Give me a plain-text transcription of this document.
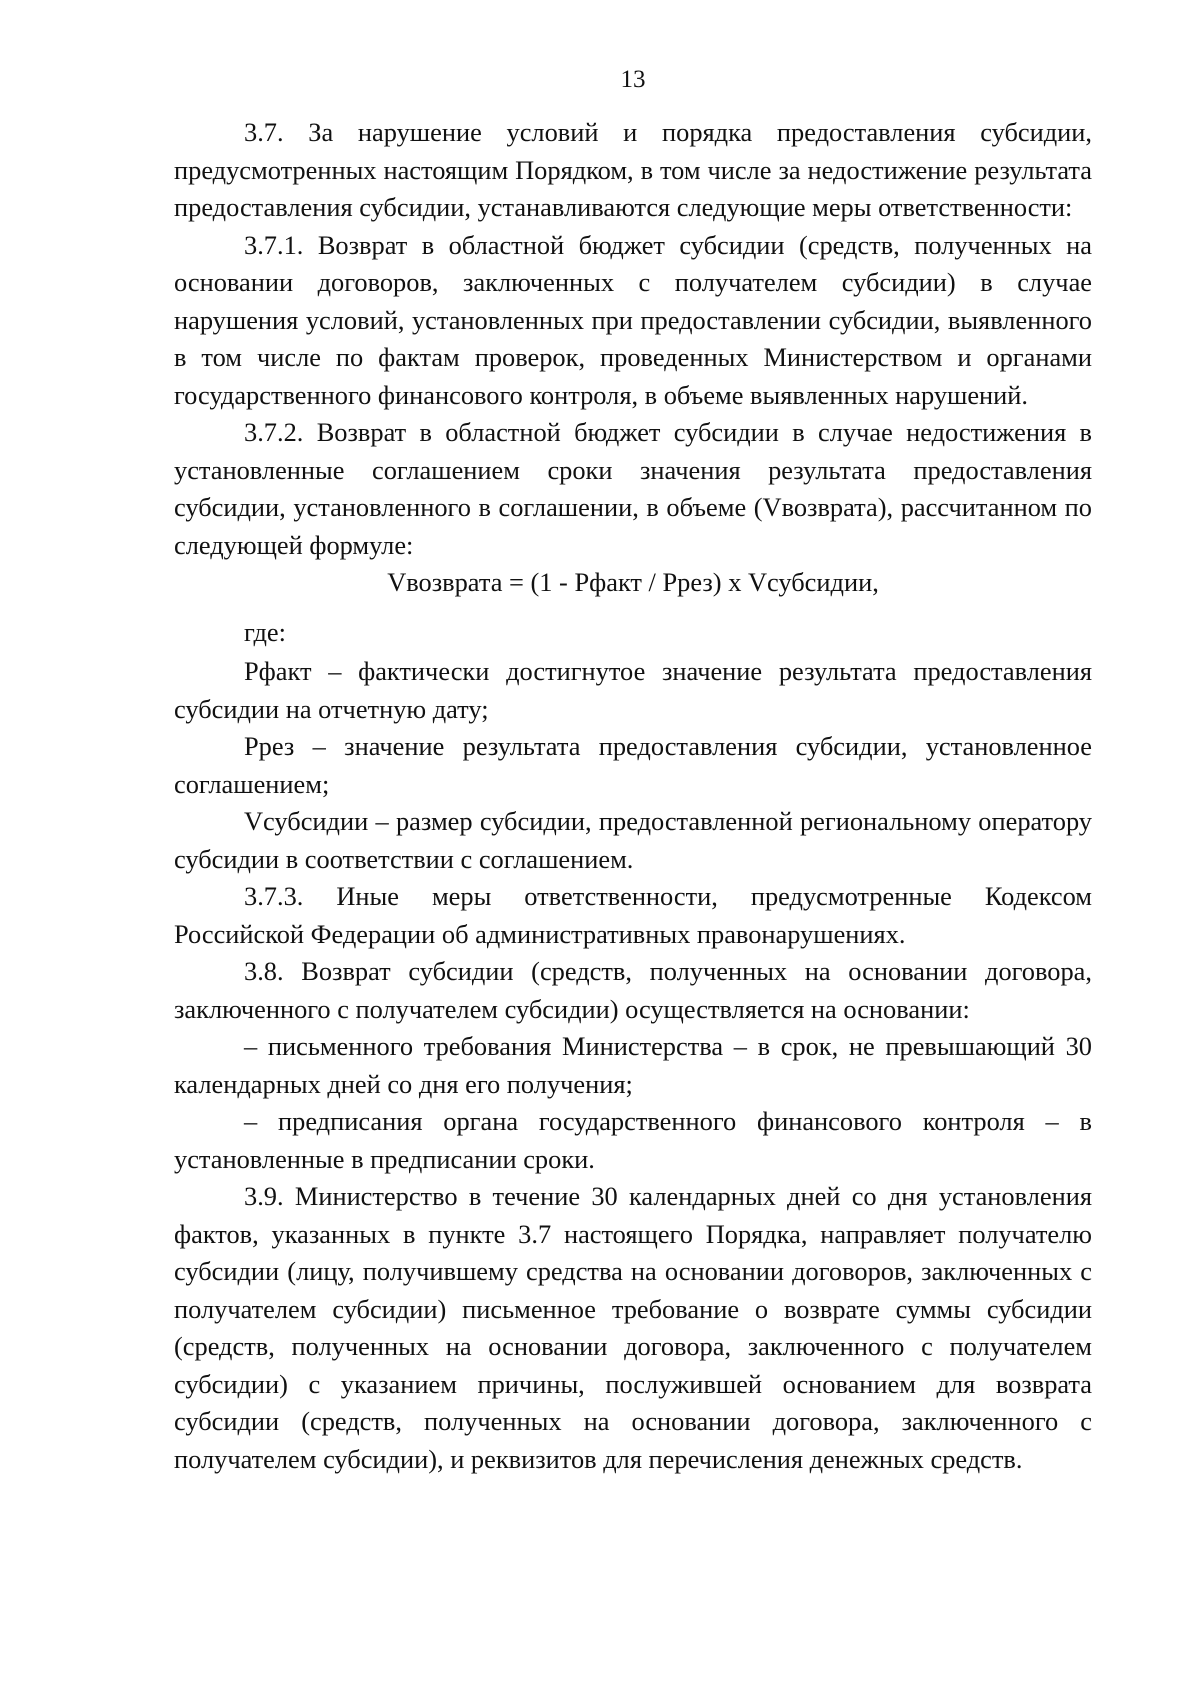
13

3.7. За нарушение условий и порядка предоставления субсидии, предусмотренных настоящим Порядком, в том числе за недостижение результата предоставления субсидии, устанавливаются следующие меры ответственности:

3.7.1. Возврат в областной бюджет субсидии (средств, полученных на основании договоров, заключенных с получателем субсидии) в случае нарушения условий, установленных при предоставлении субсидии, выявленного в том числе по фактам проверок, проведенных Министерством и органами государственного финансового контроля, в объеме выявленных нарушений.

3.7.2. Возврат в областной бюджет субсидии в случае недостижения в установленные соглашением сроки значения результата предоставления субсидии, установленного в соглашении, в объеме (Vвозврата), рассчитанном по следующей формуле:

Vвозврата = (1 - Рфакт / Ррез) х Vсубсидии,

где:

Рфакт – фактически достигнутое значение результата предоставления субсидии на отчетную дату;

Ррез – значение результата предоставления субсидии, установленное соглашением;

Vсубсидии – размер субсидии, предоставленной региональному оператору субсидии в соответствии с соглашением.

3.7.3. Иные меры ответственности, предусмотренные Кодексом Российской Федерации об административных правонарушениях.

3.8. Возврат субсидии (средств, полученных на основании договора, заключенного с получателем субсидии) осуществляется на основании:

– письменного требования Министерства – в срок, не превышающий 30 календарных дней со дня его получения;

– предписания органа государственного финансового контроля – в установленные в предписании сроки.

3.9. Министерство в течение 30 календарных дней со дня установления фактов, указанных в пункте 3.7 настоящего Порядка, направляет получателю субсидии (лицу, получившему средства на основании договоров, заключенных с получателем субсидии) письменное требование о возврате суммы субсидии (средств, полученных на основании договора, заключенного с получателем субсидии) с указанием причины, послужившей основанием для возврата субсидии (средств, полученных на основании договора, заключенного с получателем субсидии), и реквизитов для перечисления денежных средств.
